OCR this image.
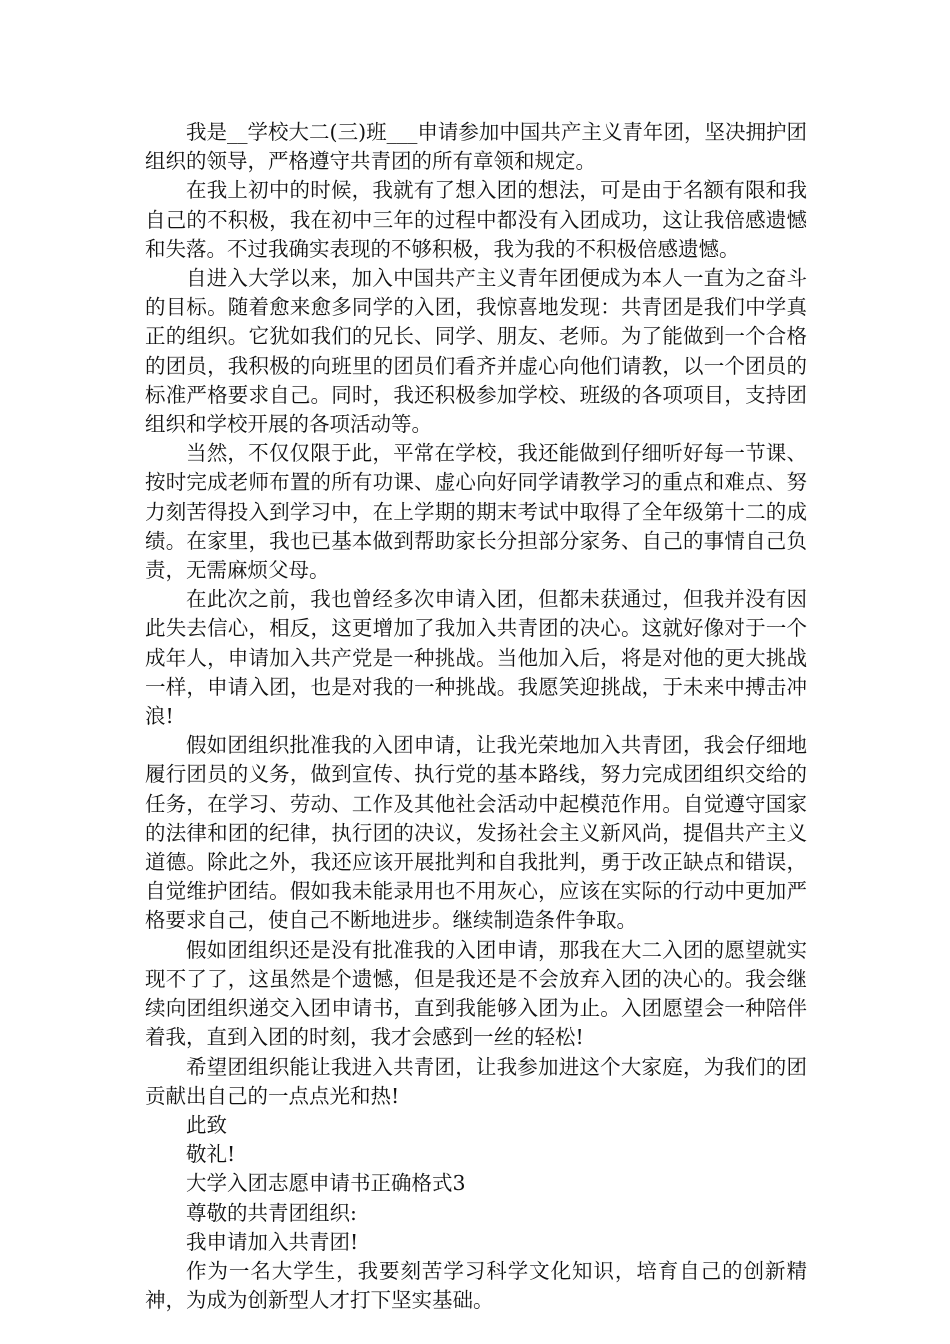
我是__学校大二(三)班___申请参加中国共产主义青年团，坚决拥护团组织的领导，严格遵守共青团的所有章领和规定。

在我上初中的时候，我就有了想入团的想法，可是由于名额有限和我自己的不积极，我在初中三年的过程中都没有入团成功，这让我倍感遗憾和失落。不过我确实表现的不够积极，我为我的不积极倍感遗憾。

自进入大学以来，加入中国共产主义青年团便成为本人一直为之奋斗的目标。随着愈来愈多同学的入团，我惊喜地发现：共青团是我们中学真正的组织。它犹如我们的兄长、同学、朋友、老师。为了能做到一个合格的团员，我积极的向班里的团员们看齐并虚心向他们请教，以一个团员的标准严格要求自己。同时，我还积极参加学校、班级的各项项目，支持团组织和学校开展的各项活动等。

当然，不仅仅限于此，平常在学校，我还能做到仔细听好每一节课、按时完成老师布置的所有功课、虚心向好同学请教学习的重点和难点、努力刻苦得投入到学习中，在上学期的期末考试中取得了全年级第十二的成绩。在家里，我也已基本做到帮助家长分担部分家务、自己的事情自己负责，无需麻烦父母。

在此次之前，我也曾经多次申请入团，但都未获通过，但我并没有因此失去信心，相反，这更增加了我加入共青团的决心。这就好像对于一个成年人，申请加入共产党是一种挑战。当他加入后，将是对他的更大挑战一样，申请入团，也是对我的一种挑战。我愿笑迎挑战，于未来中搏击冲浪!

假如团组织批准我的入团申请，让我光荣地加入共青团，我会仔细地履行团员的义务，做到宣传、执行党的基本路线，努力完成团组织交给的任务，在学习、劳动、工作及其他社会活动中起模范作用。自觉遵守国家的法律和团的纪律，执行团的决议，发扬社会主义新风尚，提倡共产主义道德。除此之外，我还应该开展批判和自我批判，勇于改正缺点和错误，自觉维护团结。假如我未能录用也不用灰心，应该在实际的行动中更加严格要求自己，使自己不断地进步。继续制造条件争取。

假如团组织还是没有批准我的入团申请，那我在大二入团的愿望就实现不了了，这虽然是个遗憾，但是我还是不会放弃入团的决心的。我会继续向团组织递交入团申请书，直到我能够入团为止。入团愿望会一种陪伴着我，直到入团的时刻，我才会感到一丝的轻松!

希望团组织能让我进入共青团，让我参加进这个大家庭，为我们的团贡献出自己的一点点光和热!

此致

敬礼!

大学入团志愿申请书正确格式3

尊敬的共青团组织:

我申请加入共青团!

作为一名大学生，我要刻苦学习科学文化知识，培育自己的创新精神，为成为创新型人才打下坚实基础。
